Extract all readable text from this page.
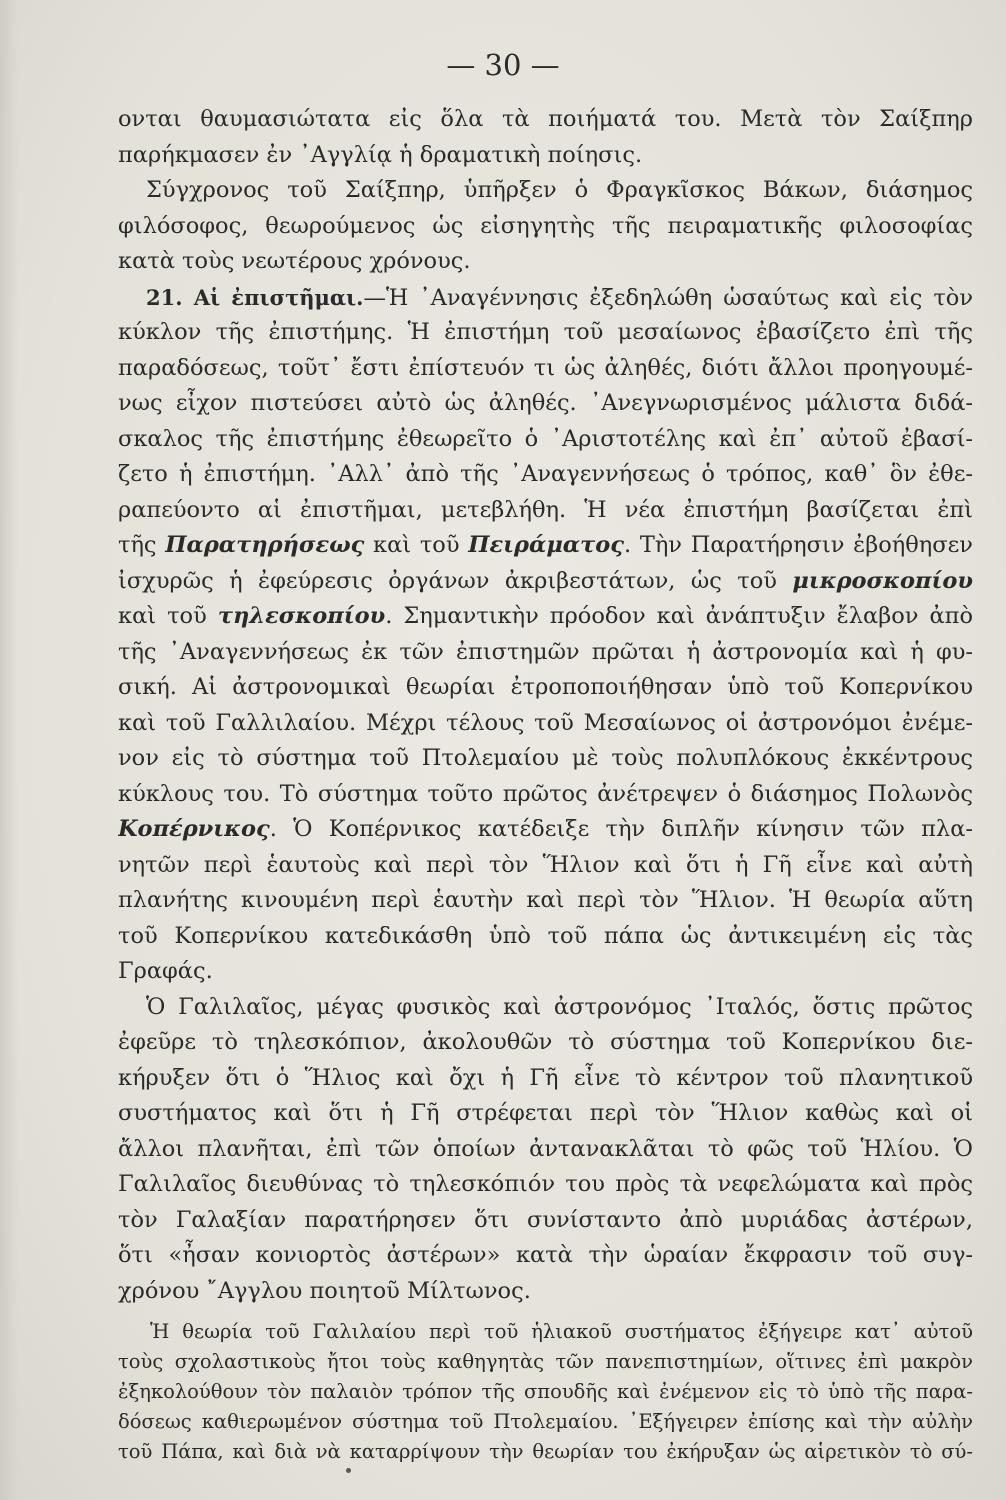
— 30 —
ονται θαυμασιώτατα εἰς ὅλα τὰ ποιήματά του. Μετὰ τὸν Σαίξπηρ
παρήκμασεν ἐν ᾿Αγγλίᾳ ἡ δραματικὴ ποίησις.
Σύγχρονος τοῦ Σαίξπηρ, ὑπῆρξεν ὁ Φραγκῖσκος Βάκων, διάσημος
φιλόσοφος, θεωρούμενος ὡς εἰσηγητὴς τῆς πειραματικῆς φιλοσοφίας
κατὰ τοὺς νεωτέρους χρόνους.
21. Αἱ ἐπιστῆμαι.—Ἡ ᾿Αναγέννησις ἐξεδηλώθη ὡσαύτως καὶ εἰς τὸν
κύκλον τῆς ἐπιστήμης. Ἡ ἐπιστήμη τοῦ μεσαίωνος ἐβασίζετο ἐπὶ τῆς
παραδόσεως, τοῦτ᾿ ἔστι ἐπίστευόν τι ὡς ἀληθές, διότι ἄλλοι προηγουμέ-
νως εἶχον πιστεύσει αὐτὸ ὡς ἀληθές. ᾿Ανεγνωρισμένος μάλιστα διδά-
σκαλος τῆς ἐπιστήμης ἐθεωρεῖτο ὁ ᾿Αριστοτέλης καὶ ἐπ᾿ αὐτοῦ ἐβασί-
ζετο ἡ ἐπιστήμη. ᾿Αλλ᾿ ἀπὸ τῆς ᾿Αναγεννήσεως ὁ τρόπος, καθ᾿ ὃν ἐθε-
ραπεύοντο αἱ ἐπιστῆμαι, μετεβλήθη. Ἡ νέα ἐπιστήμη βασίζεται ἐπὶ
τῆς Παρατηρήσεως καὶ τοῦ Πειράματος. Τὴν Παρατήρησιν ἐβοήθησεν
ἰσχυρῶς ἡ ἐφεύρεσις ὀργάνων ἀκριβεστάτων, ὡς τοῦ μικροσκοπίου
καὶ τοῦ τηλεσκοπίου. Σημαντικὴν πρόοδον καὶ ἀνάπτυξιν ἔλαβον ἀπὸ
τῆς ᾿Αναγεννήσεως ἐκ τῶν ἐπιστημῶν πρῶται ἡ ἀστρονομία καὶ ἡ φυ-
σική. Αἱ ἀστρονομικαὶ θεωρίαι ἐτροποποιήθησαν ὑπὸ τοῦ Κοπερνίκου
καὶ τοῦ Γαλλιλαίου. Μέχρι τέλους τοῦ Μεσαίωνος οἱ ἀστρονόμοι ἐνέμε-
νον εἰς τὸ σύστημα τοῦ Πτολεμαίου μὲ τοὺς πολυπλόκους ἐκκέντρους
κύκλους του. Τὸ σύστημα τοῦτο πρῶτος ἀνέτρεψεν ὁ διάσημος Πολωνὸς
Κοπέρνικος. Ὁ Κοπέρνικος κατέδειξε τὴν διπλῆν κίνησιν τῶν πλα-
νητῶν περὶ ἑαυτοὺς καὶ περὶ τὸν Ἥλιον καὶ ὅτι ἡ Γῆ εἶνε καὶ αὐτὴ
πλανήτης κινουμένη περὶ ἑαυτὴν καὶ περὶ τὸν Ἥλιον. Ἡ θεωρία αὕτη
τοῦ Κοπερνίκου κατεδικάσθη ὑπὸ τοῦ πάπα ὡς ἀντικειμένη εἰς τὰς
Γραφάς.
Ὁ Γαλιλαῖος, μέγας φυσικὸς καὶ ἀστρονόμος ᾿Ιταλός, ὅστις πρῶτος
ἐφεῦρε τὸ τηλεσκόπιον, ἀκολουθῶν τὸ σύστημα τοῦ Κοπερνίκου διε-
κήρυξεν ὅτι ὁ Ἥλιος καὶ ὄχι ἡ Γῆ εἶνε τὸ κέντρον τοῦ πλανητικοῦ
συστήματος καὶ ὅτι ἡ Γῆ στρέφεται περὶ τὸν Ἥλιον καθὼς καὶ οἱ
ἄλλοι πλανῆται, ἐπὶ τῶν ὁποίων ἀντανακλᾶται τὸ φῶς τοῦ Ἡλίου. Ὁ
Γαλιλαῖος διευθύνας τὸ τηλεσκόπιόν του πρὸς τὰ νεφελώματα καὶ πρὸς
τὸν Γαλαξίαν παρατήρησεν ὅτι συνίσταντο ἀπὸ μυριάδας ἀστέρων,
ὅτι «ἦσαν κονιορτὸς ἀστέρων» κατὰ τὴν ὡραίαν ἔκφρασιν τοῦ συγ-
χρόνου ῎Αγγλου ποιητοῦ Μίλτωνος.
Ἡ θεωρία τοῦ Γαλιλαίου περὶ τοῦ ἡλιακοῦ συστήματος ἐξήγειρε κατ᾿ αὐτοῦ
τοὺς σχολαστικοὺς ἤτοι τοὺς καθηγητὰς τῶν πανεπιστημίων, οἵτινες ἐπὶ μακρὸν
ἐξηκολούθουν τὸν παλαιὸν τρόπον τῆς σπουδῆς καὶ ἐνέμενον εἰς τὸ ὑπὸ τῆς παρα-
δόσεως καθιερωμένον σύστημα τοῦ Πτολεμαίου. ᾿Εξήγειρεν ἐπίσης καὶ τὴν αὐλὴν
τοῦ Πάπα, καὶ διὰ νὰ καταρρίψουν τὴν θεωρίαν του ἐκήρυξαν ὡς αἱρετικὸν τὸ σύ-
